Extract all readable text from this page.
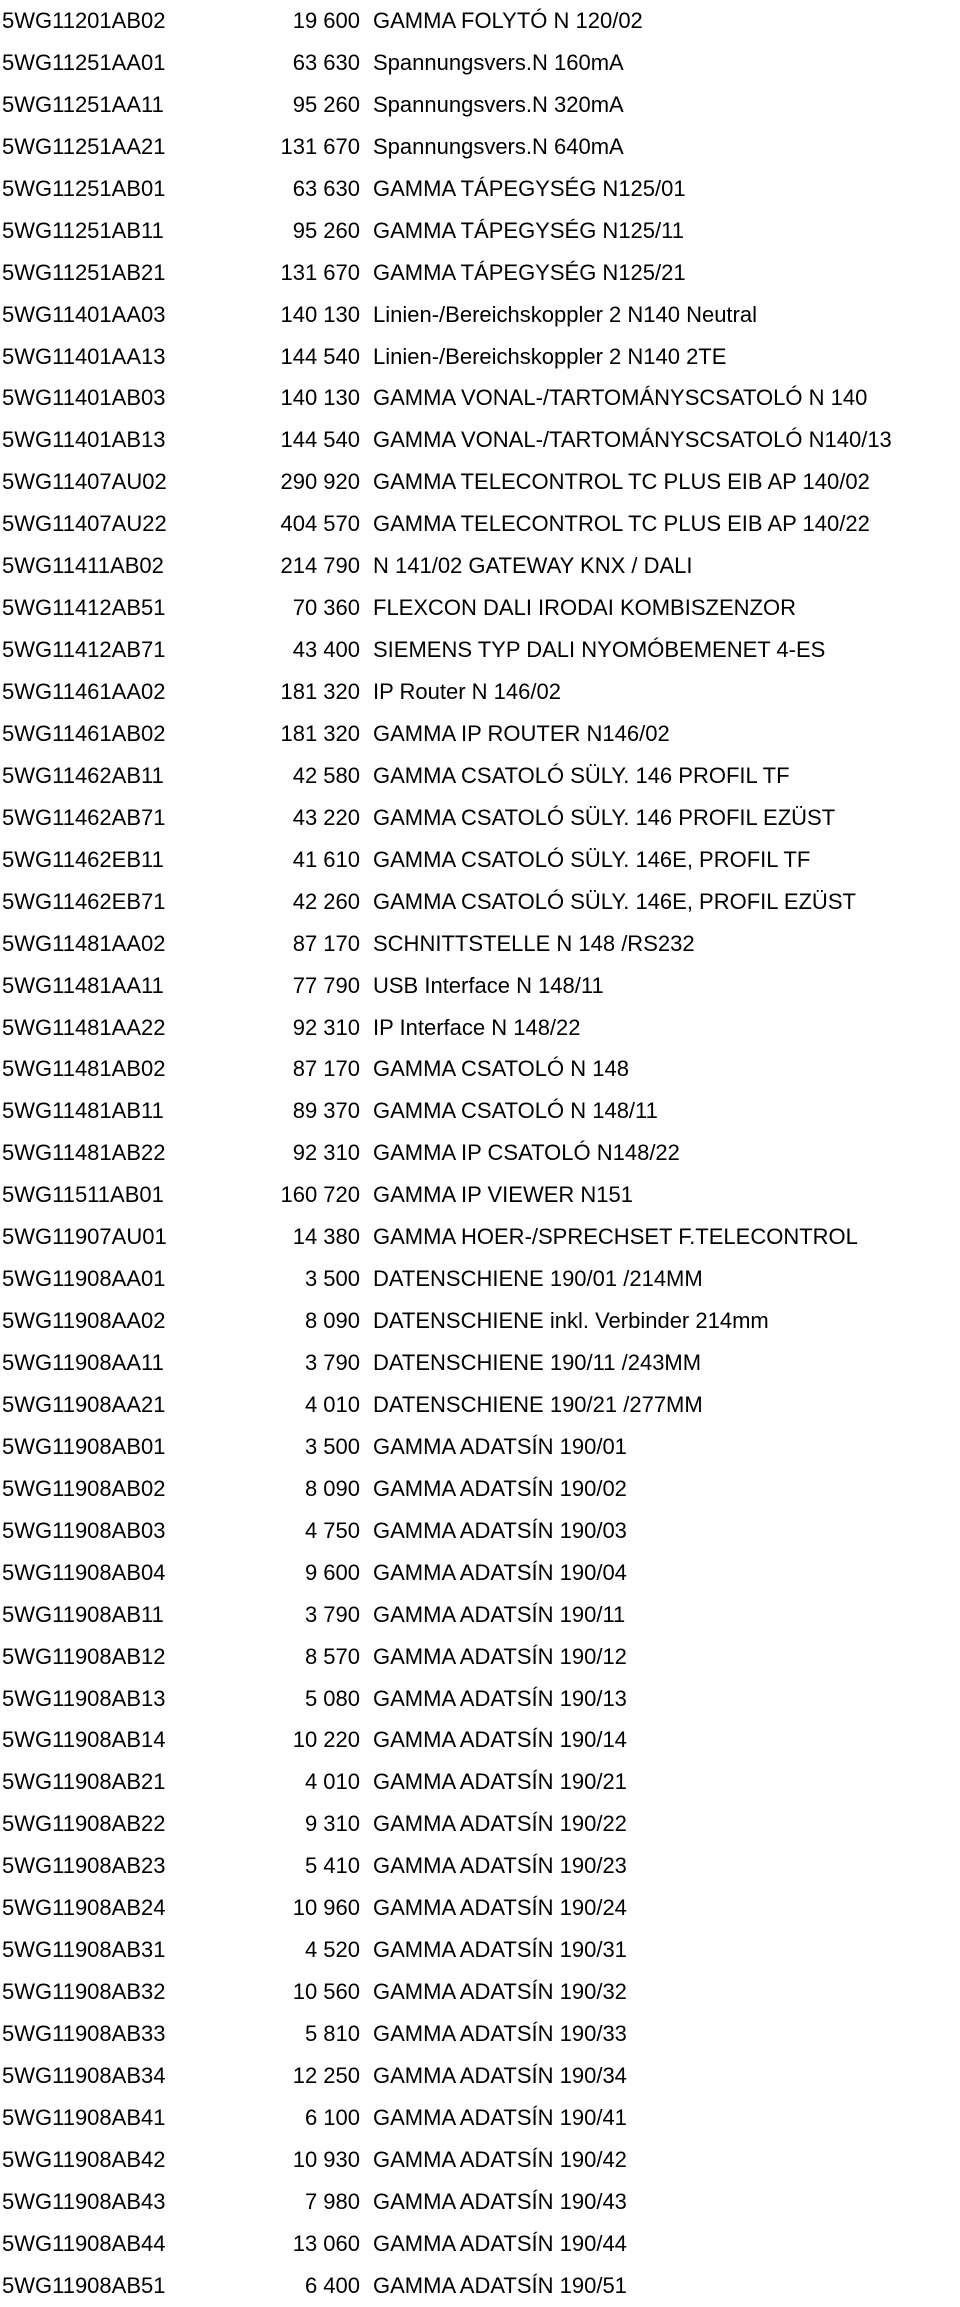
5WG11201AB02	19 600 GAMMA FOLYTÓ N 120/02
5WG11251AA01	63 630 Spannungsvers.N 160mA
5WG11251AA11	95 260 Spannungsvers.N 320mA
5WG11251AA21	131 670 Spannungsvers.N 640mA
5WG11251AB01	63 630 GAMMA TÁPEGYSÉG N125/01
5WG11251AB11	95 260 GAMMA TÁPEGYSÉG N125/11
5WG11251AB21	131 670 GAMMA TÁPEGYSÉG N125/21
5WG11401AA03	140 130 Linien-/Bereichskoppler 2 N140 Neutral
5WG11401AA13	144 540 Linien-/Bereichskoppler 2 N140 2TE
5WG11401AB03	140 130 GAMMA VONAL-/TARTOMÁNYSCSATOLÓ N 140
5WG11401AB13	144 540 GAMMA VONAL-/TARTOMÁNYSCSATOLÓ N140/13
5WG11407AU02	290 920 GAMMA TELECONTROL TC PLUS EIB AP 140/02
5WG11407AU22	404 570 GAMMA TELECONTROL TC PLUS EIB AP 140/22
5WG11411AB02	214 790 N 141/02 GATEWAY KNX / DALI
5WG11412AB51	70 360 FLEXCON DALI IRODAI KOMBISZENZOR
5WG11412AB71	43 400 SIEMENS TYP DALI NYOMÓBEMENET 4-ES
5WG11461AA02	181 320 IP Router N 146/02
5WG11461AB02	181 320 GAMMA IP ROUTER N146/02
5WG11462AB11	42 580 GAMMA CSATOLÓ SÜLY. 146 PROFIL TF
5WG11462AB71	43 220 GAMMA CSATOLÓ SÜLY. 146 PROFIL EZÜST
5WG11462EB11	41 610 GAMMA CSATOLÓ SÜLY. 146E, PROFIL TF
5WG11462EB71	42 260 GAMMA CSATOLÓ SÜLY. 146E, PROFIL EZÜST
5WG11481AA02	87 170 SCHNITTSTELLE N 148 /RS232
5WG11481AA11	77 790 USB Interface N 148/11
5WG11481AA22	92 310 IP Interface N 148/22
5WG11481AB02	87 170 GAMMA CSATOLÓ N 148
5WG11481AB11	89 370 GAMMA CSATOLÓ N 148/11
5WG11481AB22	92 310 GAMMA IP CSATOLÓ N148/22
5WG11511AB01	160 720 GAMMA IP VIEWER N151
5WG11907AU01	14 380 GAMMA HOER-/SPRECHSET F.TELECONTROL
5WG11908AA01	3 500 DATENSCHIENE 190/01 /214MM
5WG11908AA02	8 090 DATENSCHIENE inkl. Verbinder 214mm
5WG11908AA11	3 790 DATENSCHIENE 190/11 /243MM
5WG11908AA21	4 010 DATENSCHIENE 190/21 /277MM
5WG11908AB01	3 500 GAMMA ADATSÍN 190/01
5WG11908AB02	8 090 GAMMA ADATSÍN 190/02
5WG11908AB03	4 750 GAMMA ADATSÍN 190/03
5WG11908AB04	9 600 GAMMA ADATSÍN 190/04
5WG11908AB11	3 790 GAMMA ADATSÍN 190/11
5WG11908AB12	8 570 GAMMA ADATSÍN 190/12
5WG11908AB13	5 080 GAMMA ADATSÍN 190/13
5WG11908AB14	10 220 GAMMA ADATSÍN 190/14
5WG11908AB21	4 010 GAMMA ADATSÍN 190/21
5WG11908AB22	9 310 GAMMA ADATSÍN 190/22
5WG11908AB23	5 410 GAMMA ADATSÍN 190/23
5WG11908AB24	10 960 GAMMA ADATSÍN 190/24
5WG11908AB31	4 520 GAMMA ADATSÍN 190/31
5WG11908AB32	10 560 GAMMA ADATSÍN 190/32
5WG11908AB33	5 810 GAMMA ADATSÍN 190/33
5WG11908AB34	12 250 GAMMA ADATSÍN 190/34
5WG11908AB41	6 100 GAMMA ADATSÍN 190/41
5WG11908AB42	10 930 GAMMA ADATSÍN 190/42
5WG11908AB43	7 980 GAMMA ADATSÍN 190/43
5WG11908AB44	13 060 GAMMA ADATSÍN 190/44
5WG11908AB51	6 400 GAMMA ADATSÍN 190/51
